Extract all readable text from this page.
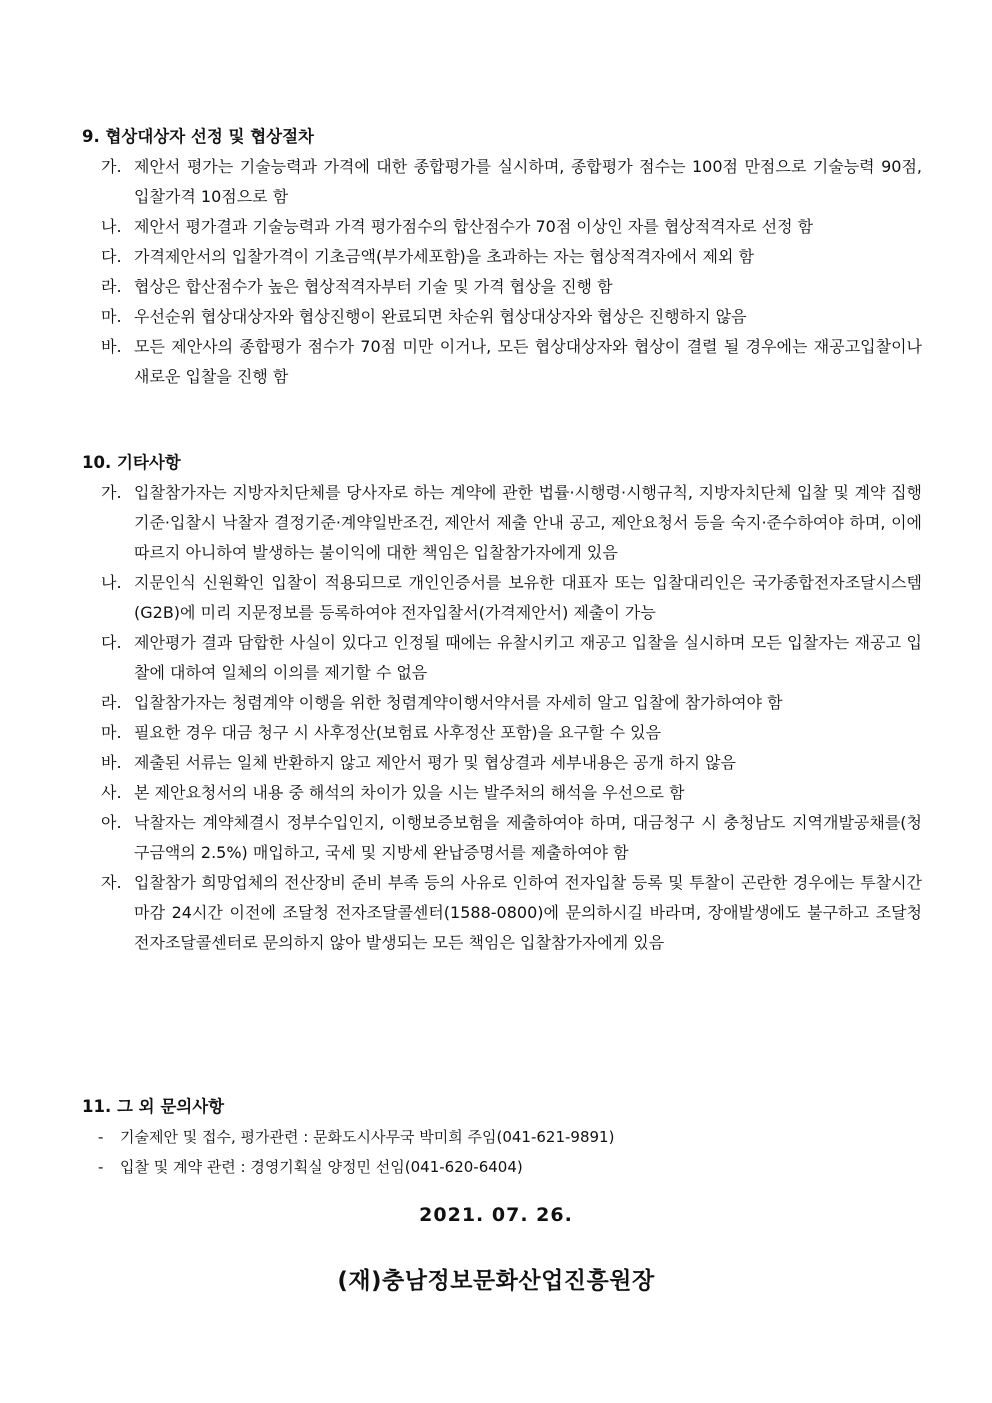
9. 협상대상자 선정 및 협상절차
가. 제안서 평가는 기술능력과 가격에 대한 종합평가를 실시하며, 종합평가 점수는 100점 만점으로 기술능력 90점, 입찰가격 10점으로 함
나. 제안서 평가결과 기술능력과 가격 평가점수의 합산점수가 70점 이상인 자를 협상적격자로 선정 함
다. 가격제안서의 입찰가격이 기초금액(부가세포함)을 초과하는 자는 협상적격자에서 제외 함
라. 협상은 합산점수가 높은 협상적격자부터 기술 및 가격 협상을 진행 함
마. 우선순위 협상대상자와 협상진행이 완료되면 차순위 협상대상자와 협상은 진행하지 않음
바. 모든 제안사의 종합평가 점수가 70점 미만 이거나, 모든 협상대상자와 협상이 결렬 될 경우에는 재공고입찰이나 새로운 입찰을 진행 함
10. 기타사항
가. 입찰참가자는 지방자치단체를 당사자로 하는 계약에 관한 법률·시행령·시행규칙, 지방자치단체 입찰 및 계약 집행기준·입찰시 낙찰자 결정기준·계약일반조건, 제안서 제출 안내 공고, 제안요청서 등을 숙지·준수하여야 하며, 이에 따르지 아니하여 발생하는 불이익에 대한 책임은 입찰참가자에게 있음
나. 지문인식 신원확인 입찰이 적용되므로 개인인증서를 보유한 대표자 또는 입찰대리인은 국가종합전자조달시스템(G2B)에 미리 지문정보를 등록하여야 전자입찰서(가격제안서) 제출이 가능
다. 제안평가 결과 담합한 사실이 있다고 인정될 때에는 유찰시키고 재공고 입찰을 실시하며 모든 입찰자는 재공고 입찰에 대하여 일체의 이의를 제기할 수 없음
라. 입찰참가자는 청렴계약 이행을 위한 청렴계약이행서약서를 자세히 알고 입찰에 참가하여야 함
마. 필요한 경우 대금 청구 시 사후정산(보험료 사후정산 포함)을 요구할 수 있음
바. 제출된 서류는 일체 반환하지 않고 제안서 평가 및 협상결과 세부내용은 공개 하지 않음
사. 본 제안요청서의 내용 중 해석의 차이가 있을 시는 발주처의 해석을 우선으로 함
아. 낙찰자는 계약체결시 정부수입인지, 이행보증보험을 제출하여야 하며, 대금청구 시 충청남도 지역개발공채를(청구금액의 2.5%) 매입하고, 국세 및 지방세 완납증명서를 제출하여야 함
자. 입찰참가 희망업체의 전산장비 준비 부족 등의 사유로 인하여 전자입찰 등록 및 투찰이 곤란한 경우에는 투찰시간 마감 24시간 이전에 조달청 전자조달콜센터(1588-0800)에 문의하시길 바라며, 장애발생에도 불구하고 조달청 전자조달콜센터로 문의하지 않아 발생되는 모든 책임은 입찰참가자에게 있음
11. 그 외 문의사항
- 기술제안 및 접수, 평가관련 : 문화도시사무국 박미희 주임(041-621-9891)
- 입찰 및 계약 관련 : 경영기획실 양정민 선임(041-620-6404)
2021. 07. 26.
(재)충남정보문화산업진흥원장
